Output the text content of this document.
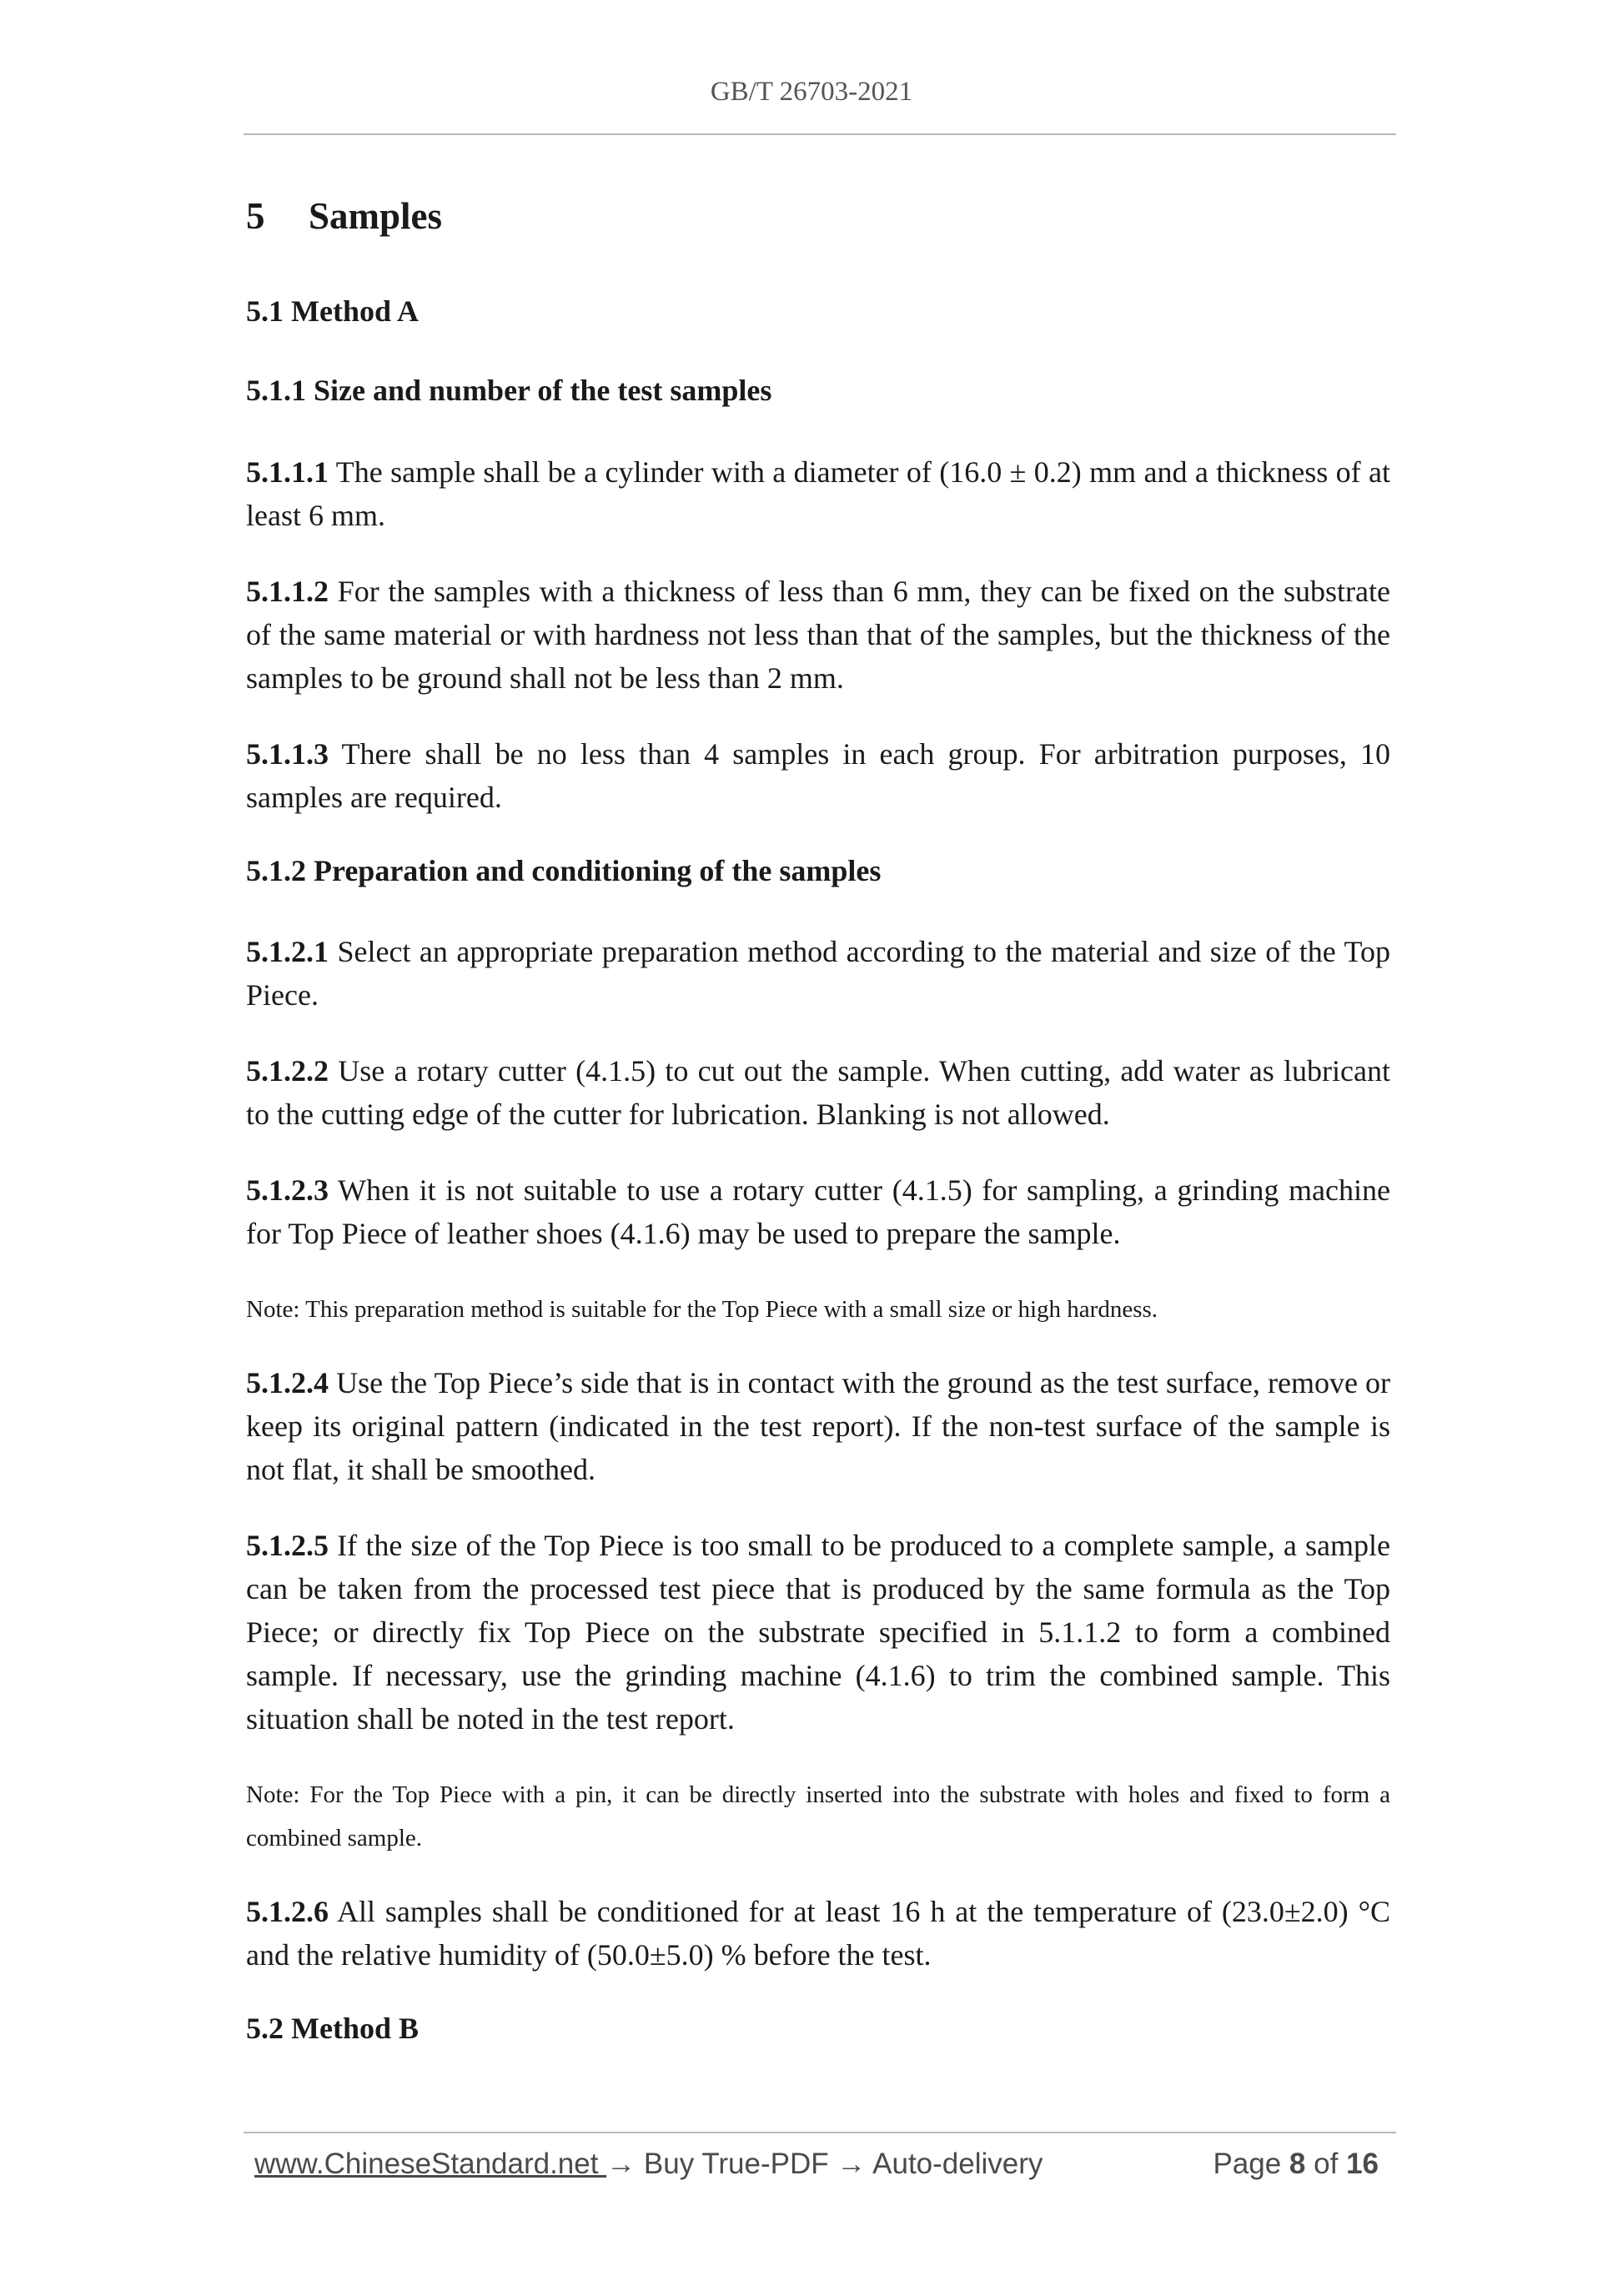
GB/T 26703-2021
5 Samples
5.1 Method A
5.1.1 Size and number of the test samples

5.1.1.1 The sample shall be a cylinder with a diameter of (16.0 ± 0.2) mm and a thickness of at least 6 mm.

5.1.1.2 For the samples with a thickness of less than 6 mm, they can be fixed on the substrate of the same material or with hardness not less than that of the samples, but the thickness of the samples to be ground shall not be less than 2 mm.

5.1.1.3 There shall be no less than 4 samples in each group. For arbitration purposes, 10 samples are required.

5.1.2 Preparation and conditioning of the samples

5.1.2.1 Select an appropriate preparation method according to the material and size of the Top Piece.

5.1.2.2 Use a rotary cutter (4.1.5) to cut out the sample. When cutting, add water as lubricant to the cutting edge of the cutter for lubrication. Blanking is not allowed.

5.1.2.3 When it is not suitable to use a rotary cutter (4.1.5) for sampling, a grinding machine for Top Piece of leather shoes (4.1.6) may be used to prepare the sample.

Note: This preparation method is suitable for the Top Piece with a small size or high hardness.

5.1.2.4 Use the Top Piece’s side that is in contact with the ground as the test surface, remove or keep its original pattern (indicated in the test report). If the non-test surface of the sample is not flat, it shall be smoothed.

5.1.2.5 If the size of the Top Piece is too small to be produced to a complete sample, a sample can be taken from the processed test piece that is produced by the same formula as the Top Piece; or directly fix Top Piece on the substrate specified in 5.1.1.2 to form a combined sample. If necessary, use the grinding machine (4.1.6) to trim the combined sample. This situation shall be noted in the test report.

Note: For the Top Piece with a pin, it can be directly inserted into the substrate with holes and fixed to form a combined sample.

5.1.2.6 All samples shall be conditioned for at least 16 h at the temperature of (23.0±2.0) °C and the relative humidity of (50.0±5.0) % before the test.

5.2 Method B
www.ChineseStandard.net → Buy True-PDF → Auto-delivery	Page 8 of 16
